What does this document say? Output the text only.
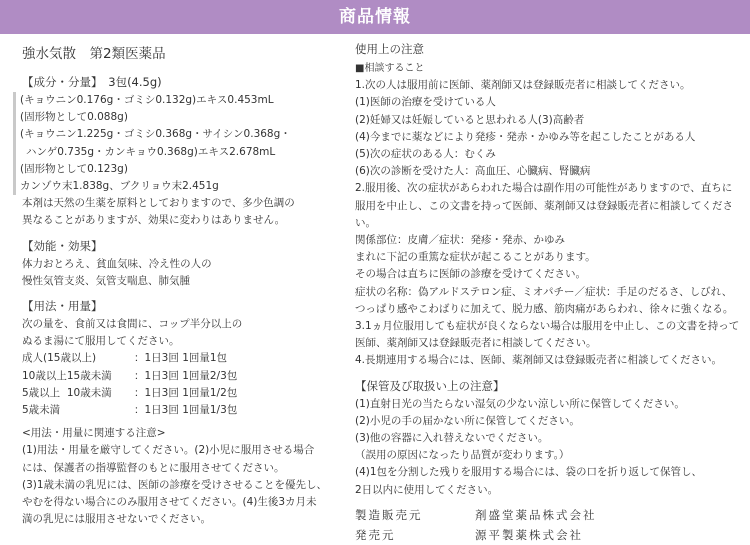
商品情報
強水気散　第2類医薬品
【成分・分量】　3包(4.5g)
(キョウニン0.176g・ゴミシ0.132g)エキス0.453mL
(固形物として0.088g)
(キョウニン1.225g・ゴミシ0.368g・サイシン0.368g・
ハンゲ0.735g・カンキョウ0.368g)エキス2.678mL
(固形物として0.123g)
カンゾウ末1.838g、ブクリョウ末2.451g
本剤は天然の生薬を原料としておりますので、多少色調の
異なることがありますが、効果に変わりはありません。
【効能・効果】
体力おとろえ、貧血気味、冷え性の人の
慢性気管支炎、気管支喘息、肺気腫
【用法・用量】
次の量を、食前又は食間に、コップ半分以上の
ぬるま湯にて服用してください。
成人(15歳以上)	：1日3回 1回量1包
10歳以上15歳未満	：1日3回 1回量2/3包
5歳以上  10歳未満	：1日3回 1回量1/2包
5歳未満	：1日3回 1回量1/3包
<用法・用量に関連する注意>
(1)用法・用量を厳守してください。(2)小児に服用させる場合
には、保護者の指導監督のもとに服用させてください。
(3)1歳未満の乳児には、医師の診療を受けさせることを優先し、
やむを得ない場合にのみ服用させてください。(4)生後3カ月未
満の乳児には服用させないでください。
使用上の注意
■相談すること
1.次の人は服用前に医師、薬剤師又は登録販売者に相談してください。
(1)医師の治療を受けている人
(2)妊婦又は妊娠していると思われる人(3)高齢者
(4)今までに薬などにより発疹・発赤・かゆみ等を起こしたことがある人
(5)次の症状のある人：むくみ
(6)次の診断を受けた人：高血圧、心臓病、腎臓病
2.服用後、次の症状があらわれた場合は副作用の可能性がありますので、直ちに
服用を中止し、この文書を持って医師、薬剤師又は登録販売者に相談してください。
関係部位：皮膚／症状：発疹・発赤、かゆみ
まれに下記の重篤な症状が起こることがあります。
その場合は直ちに医師の診療を受けてください。
症状の名称：偽アルドステロン症、ミオパチー／症状：手足のだるさ、しびれ、
つっぱり感やこわばりに加えて、脱力感、筋肉痛があらわれ、徐々に強くなる。
3.1ヵ月位服用しても症状が良くならない場合は服用を中止し、この文書を持って
医師、薬剤師又は登録販売者に相談してください。
4.長期連用する場合には、医師、薬剤師又は登録販売者に相談してください。
【保管及び取扱い上の注意】
(1)直射日光の当たらない湿気の少ない涼しい所に保管してください。
(2)小児の手の届かない所に保管してください。
(3)他の容器に入れ替えないでください。
（誤用の原因になったり品質が変わります。）
(4)1包を分割した残りを服用する場合には、袋の口を折り返して保管し、
2日以内に使用してください。
製造販売元	剤盛堂薬品株式会社
発売元	源平製薬株式会社
